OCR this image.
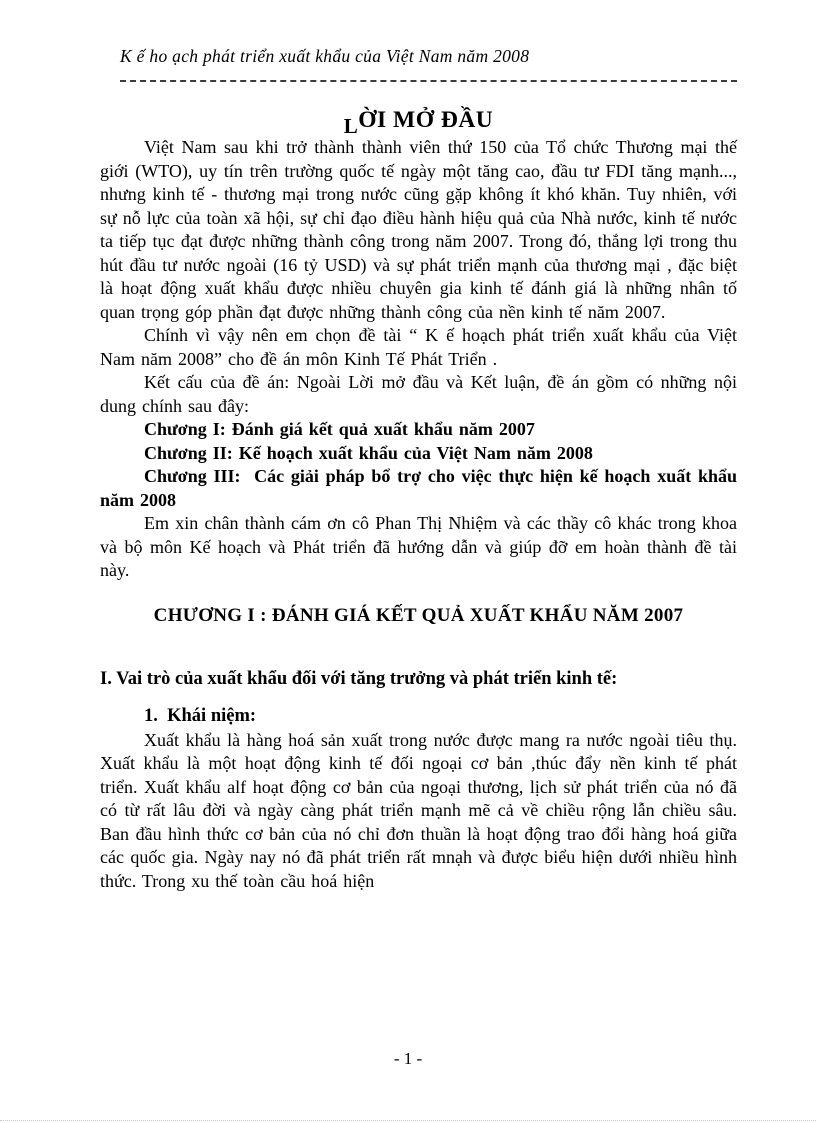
K ế ho ạch phát triển xuất khẩu của Việt Nam năm 2008
LỜI MỞ ĐẦU

Việt Nam sau khi trở thành thành viên thứ 150 của Tổ chức Thương mại thế giới (WTO), uy tín trên trường quốc tế ngày một tăng cao, đầu tư FDI tăng mạnh..., nhưng kinh tế - thương mại trong nước cũng gặp không ít khó khăn. Tuy nhiên, với sự nỗ lực của toàn xã hội, sự chỉ đạo điều hành hiệu quả của Nhà nước, kinh tế nước ta tiếp tục đạt được những thành công trong năm 2007. Trong đó, thắng lợi trong thu hút đầu tư nước ngoài (16 tỷ USD) và sự phát triển mạnh của thương mại , đặc biệt là hoạt động xuất khẩu được nhiều chuyên gia kinh tế đánh giá là những nhân tố quan trọng góp phần đạt được những thành công của nền kinh tế năm 2007.

Chính vì vậy nên em chọn đề tài “ K ế hoạch phát triển xuất khẩu của Việt Nam năm 2008” cho đề án môn Kinh Tế Phát Triển .

Kết cấu của đề án: Ngoài Lời mở đầu và Kết luận, đề án gồm có những nội dung chính sau đây:

Chương I: Đánh giá kết quả xuất khẩu năm 2007

Chương II: Kế hoạch xuất khẩu của Việt Nam năm 2008

Chương III:  Các giải pháp bổ trợ cho việc thực hiện kế hoạch xuất khẩu năm 2008

Em xin chân thành cám ơn cô Phan Thị Nhiệm và các thầy cô khác trong khoa và bộ môn Kế hoạch và Phát triển đã hướng dẫn và giúp đỡ em hoàn thành đề tài này.

CHƯƠNG I : ĐÁNH GIÁ KẾT QUẢ XUẤT KHẨU NĂM 2007

I. Vai trò của xuất khẩu đối với tăng trưởng và phát triển kinh tế:

1.  Khái niệm:

Xuất khẩu là hàng hoá sản xuất trong nước được mang ra nước ngoài tiêu thụ. Xuất khẩu là một hoạt động kinh tế đối ngoại cơ bản ,thúc đẩy nền kinh tế phát triển. Xuất khẩu alf hoạt động cơ bản của ngoại thương, lịch sử phát triển của nó đã có từ rất lâu đời và ngày càng phát triển mạnh mẽ cả về chiều rộng lẫn chiều sâu. Ban đầu hình thức cơ bản của nó chỉ đơn thuần là hoạt động trao đổi hàng hoá giữa các quốc gia. Ngày nay nó đã phát triển rất mnạh và được biểu hiện dưới nhiều hình thức. Trong xu thế toàn cầu hoá hiện

- 1 -
